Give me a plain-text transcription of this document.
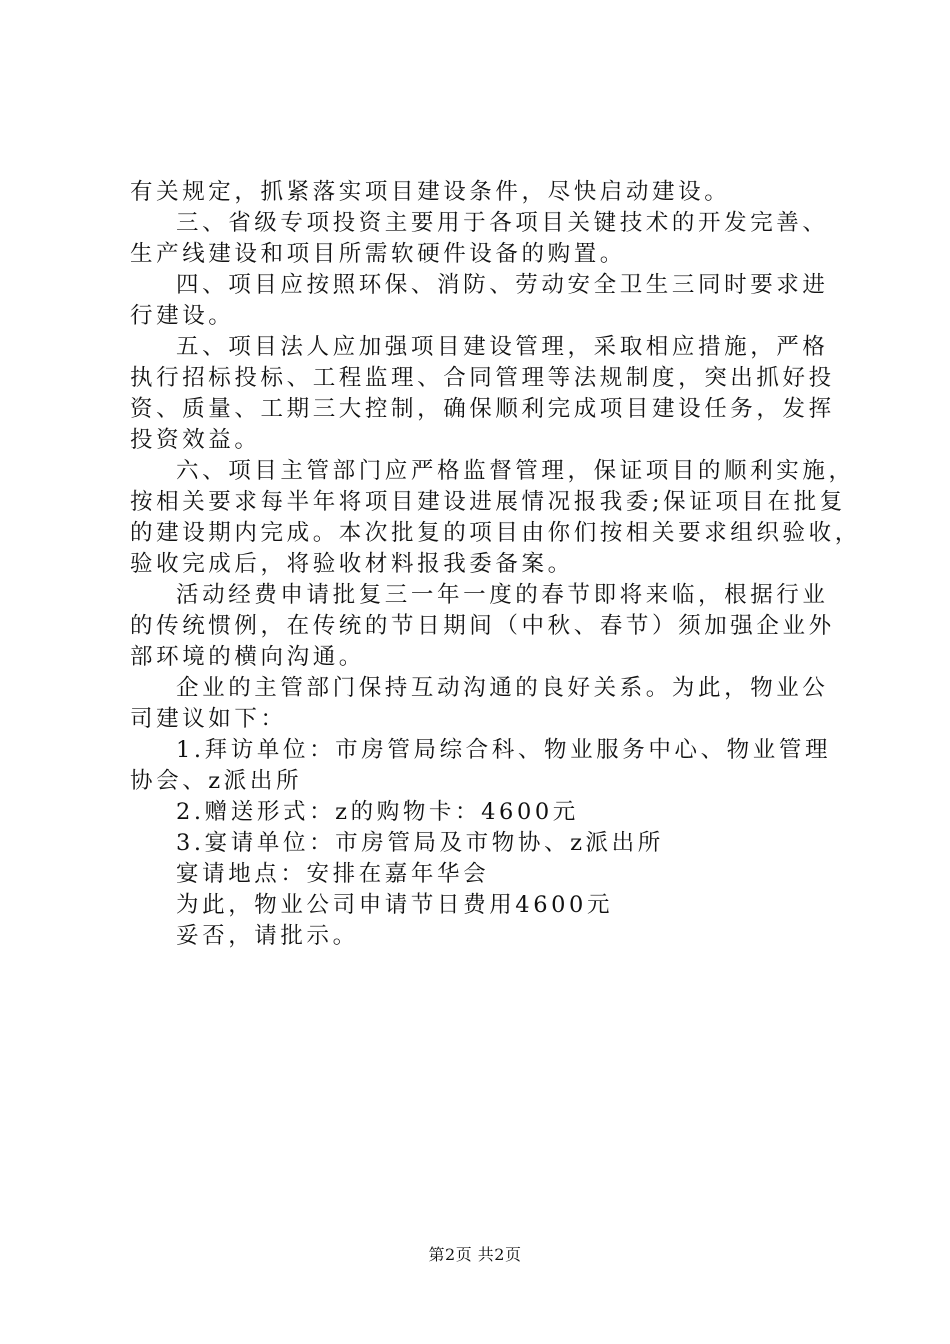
有关规定，抓紧落实项目建设条件，尽快启动建设。
三、省级专项投资主要用于各项目关键技术的开发完善、
生产线建设和项目所需软硬件设备的购置。
四、项目应按照环保、消防、劳动安全卫生三同时要求进
行建设。
五、项目法人应加强项目建设管理，采取相应措施，严格
执行招标投标、工程监理、合同管理等法规制度，突出抓好投
资、质量、工期三大控制，确保顺利完成项目建设任务，发挥
投资效益。
六、项目主管部门应严格监督管理，保证项目的顺利实施，
按相关要求每半年将项目建设进展情况报我委;保证项目在批复
的建设期内完成。本次批复的项目由你们按相关要求组织验收，
验收完成后，将验收材料报我委备案。
活动经费申请批复三一年一度的春节即将来临，根据行业
的传统惯例，在传统的节日期间（中秋、春节）须加强企业外
部环境的横向沟通。
企业的主管部门保持互动沟通的良好关系。为此，物业公
司建议如下：
1.拜访单位：市房管局综合科、物业服务中心、物业管理
协会、z派出所
2.赠送形式：z的购物卡：4600元
3.宴请单位：市房管局及市物协、z派出所
宴请地点：安排在嘉年华会
为此，物业公司申请节日费用4600元
妥否，请批示。
第2页 共2页
